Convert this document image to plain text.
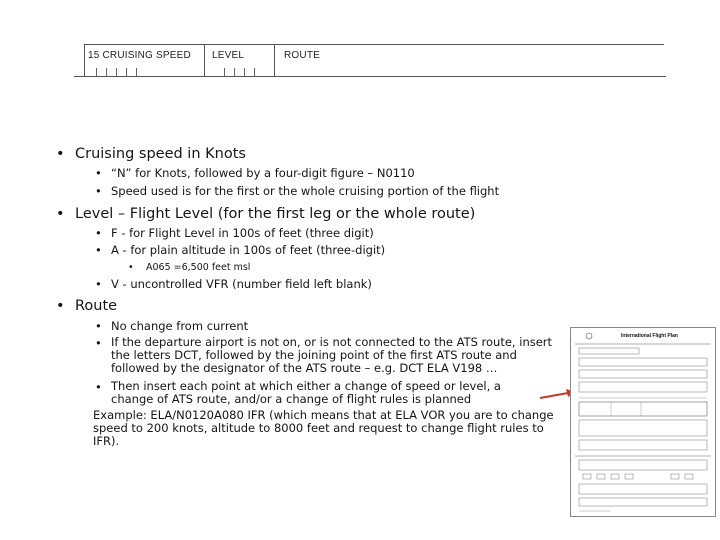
15 CRUISING SPEED LEVEL	ROUTE
• Cruising speed in Knots
• “N” for Knots, followed by a four-digit figure – N0110
• Speed used is for the first or the whole cruising portion of the flight
• Level – Flight Level (for the first leg or the whole route)
• F - for Flight Level in 100s of feet (three digit)
• A - for plain altitude in 100s of feet (three-digit)
• A065 =6,500 feet msl
• V - uncontrolled VFR (number field left blank)
• Route
• No change from current
• If the departure airport is not on, or is not connected to the ATS route, insert the letters DCT, followed by the joining point of the first ATS route and followed by the designator of the ATS route – e.g. DCT ELA V198 …
• Then insert each point at which either a change of speed or level, a change of ATS route, and/or a change of flight rules is planned
Example: ELA/N0120A080 IFR (which means that at ELA VOR you are to change speed to 200 knots, altitude to 8000 feet and request to change flight rules to IFR).
International Flight Plan
